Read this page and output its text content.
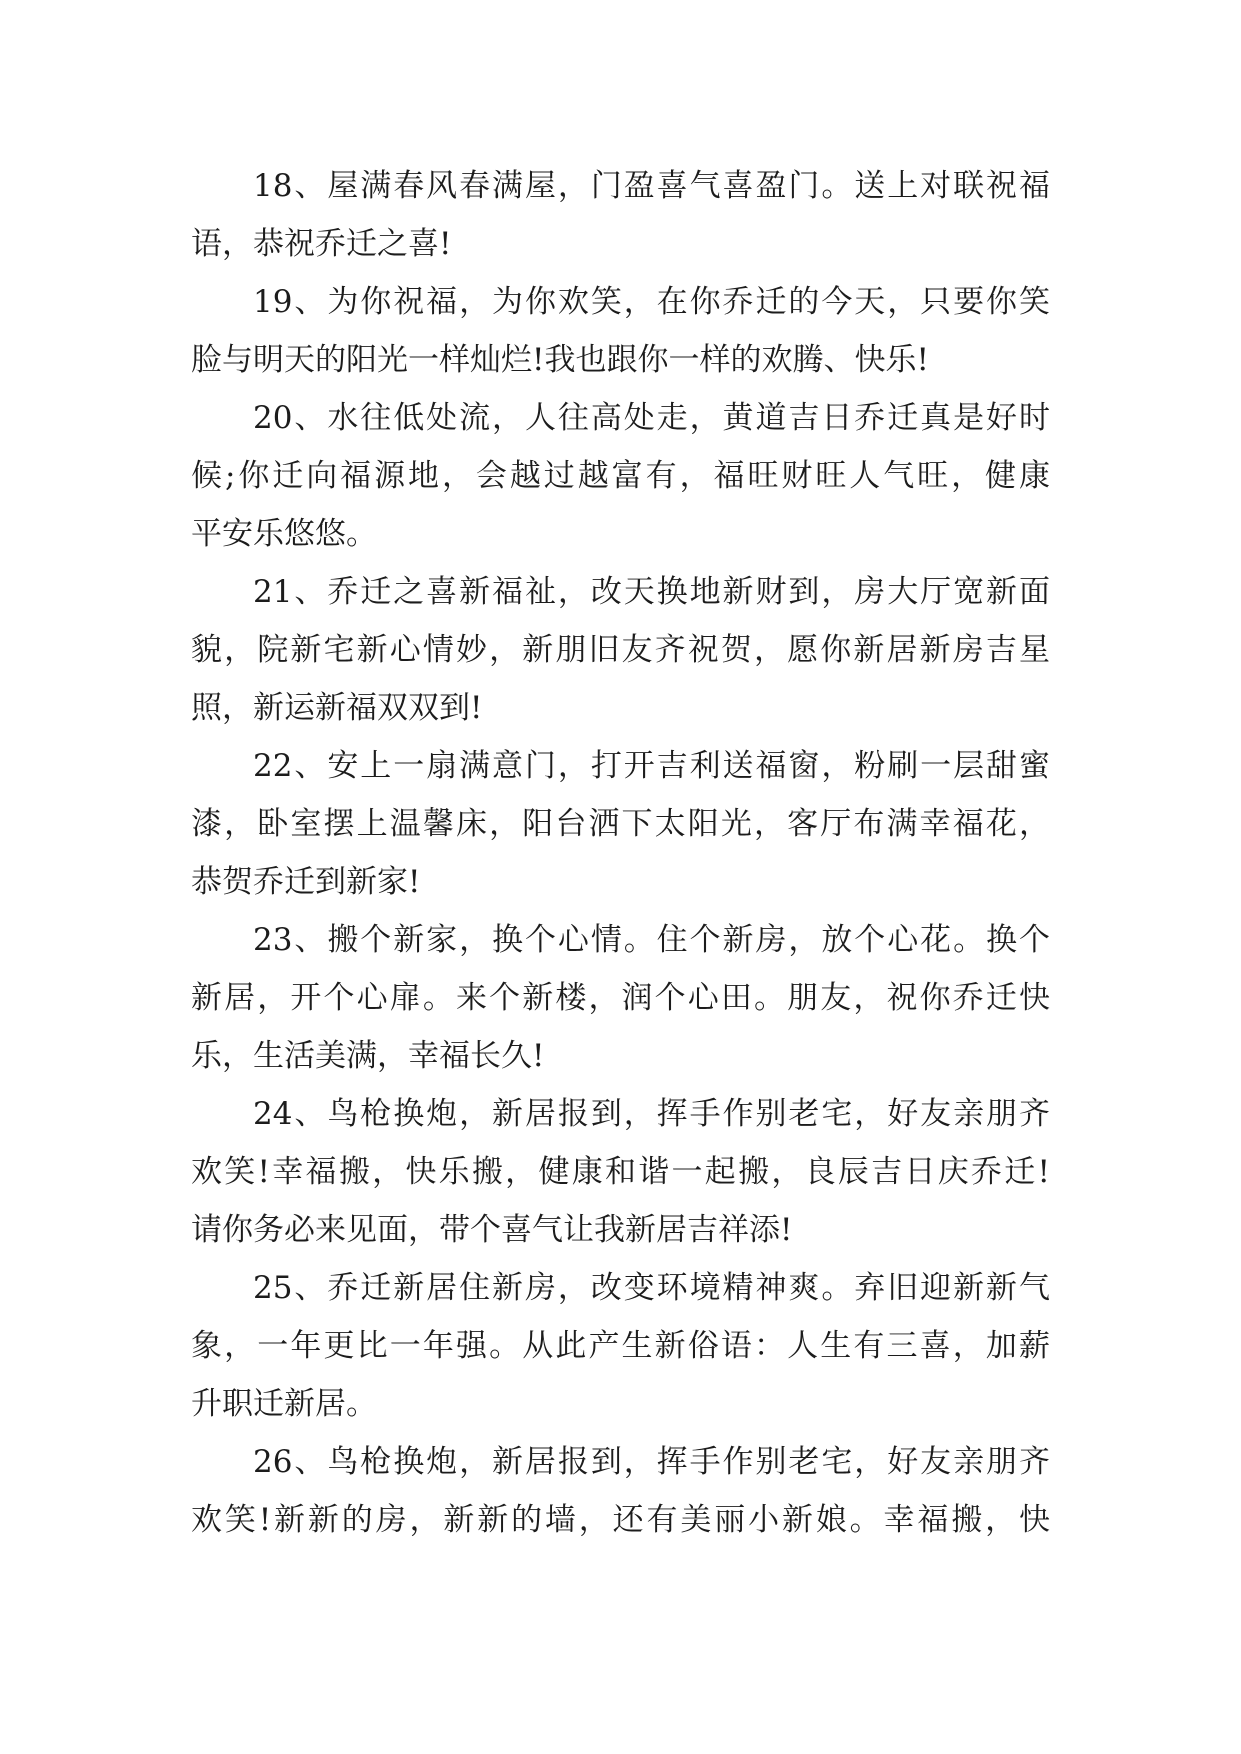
18、屋满春风春满屋，门盈喜气喜盈门。送上对联祝福
语，恭祝乔迁之喜!
19、为你祝福，为你欢笑，在你乔迁的今天，只要你笑
脸与明天的阳光一样灿烂!我也跟你一样的欢腾、快乐!
20、水往低处流，人往高处走，黄道吉日乔迁真是好时
候;你迁向福源地，会越过越富有，福旺财旺人气旺，健康
平安乐悠悠。
21、乔迁之喜新福祉，改天换地新财到，房大厅宽新面
貌，院新宅新心情妙，新朋旧友齐祝贺，愿你新居新房吉星
照，新运新福双双到!
22、安上一扇满意门，打开吉利送福窗，粉刷一层甜蜜
漆，卧室摆上温馨床，阳台洒下太阳光，客厅布满幸福花，
恭贺乔迁到新家!
23、搬个新家，换个心情。住个新房，放个心花。换个
新居，开个心扉。来个新楼，润个心田。朋友，祝你乔迁快
乐，生活美满，幸福长久!
24、鸟枪换炮，新居报到，挥手作别老宅，好友亲朋齐
欢笑!幸福搬，快乐搬，健康和谐一起搬，良辰吉日庆乔迁!
请你务必来见面，带个喜气让我新居吉祥添!
25、乔迁新居住新房，改变环境精神爽。弃旧迎新新气
象，一年更比一年强。从此产生新俗语：人生有三喜，加薪
升职迁新居。
26、鸟枪换炮，新居报到，挥手作别老宅，好友亲朋齐
欢笑!新新的房，新新的墙，还有美丽小新娘。幸福搬，快
